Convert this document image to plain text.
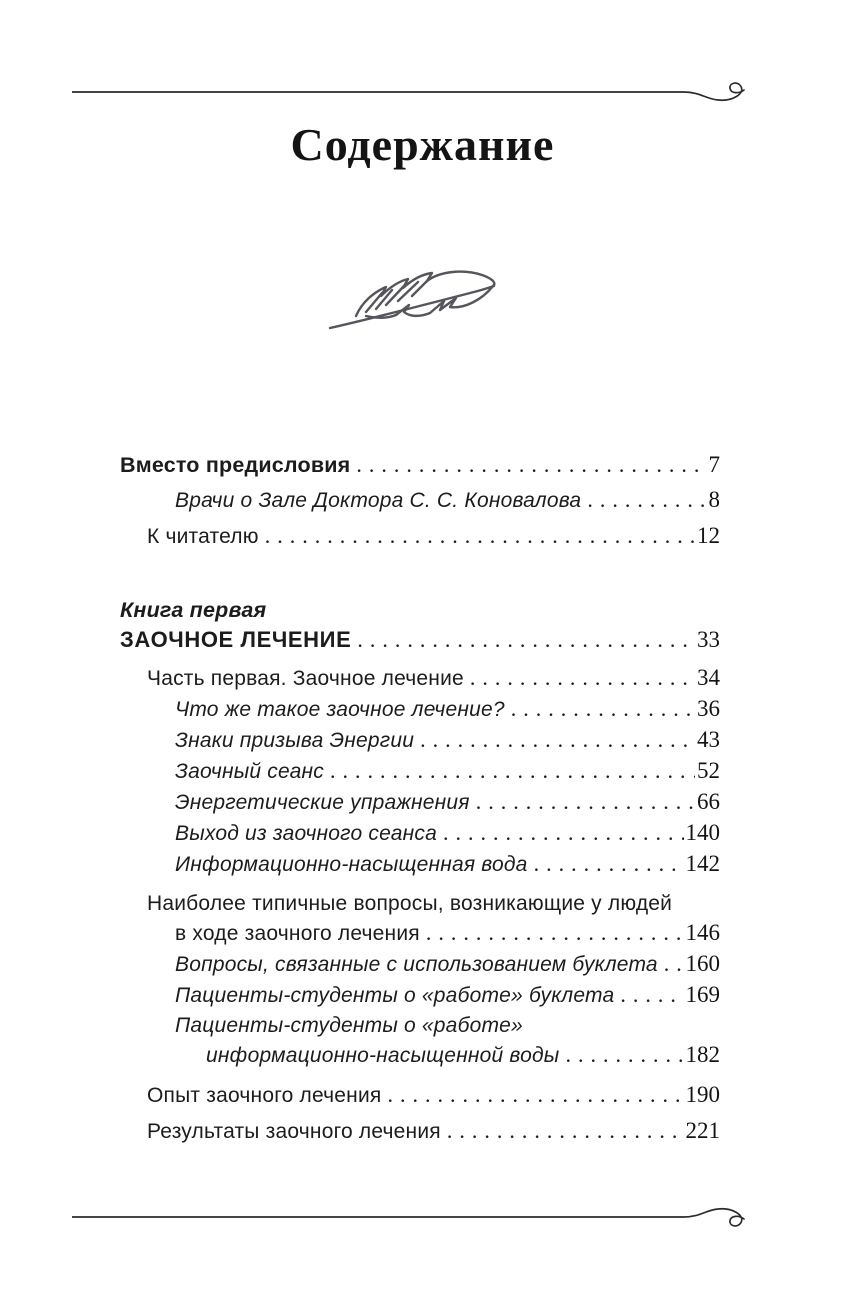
Содержание
Вместо предисловия .....	7
Врачи о Зале Доктора С. С. Коновалова .....	8
К читателю .....	12
Книга первая
ЗАОЧНОЕ ЛЕЧЕНИЕ .....	33
Часть первая. Заочное лечение .....	34
Что же такое заочное лечение? .....	36
Знаки призыва Энергии .....	43
Заочный сеанс .....	52
Энергетические упражнения .....	66
Выход из заочного сеанса .....	140
Информационно-насыщенная вода .....	142
Наиболее типичные вопросы, возникающие у людей
в ходе заочного лечения .....	146
Вопросы, связанные с использованием буклета ..... 160
Пациенты-студенты о «работе» буклета .....	169
Пациенты-студенты о «работе»
информационно-насыщенной воды .....	182
Опыт заочного лечения .....	190
Результаты заочного лечения .....	221
